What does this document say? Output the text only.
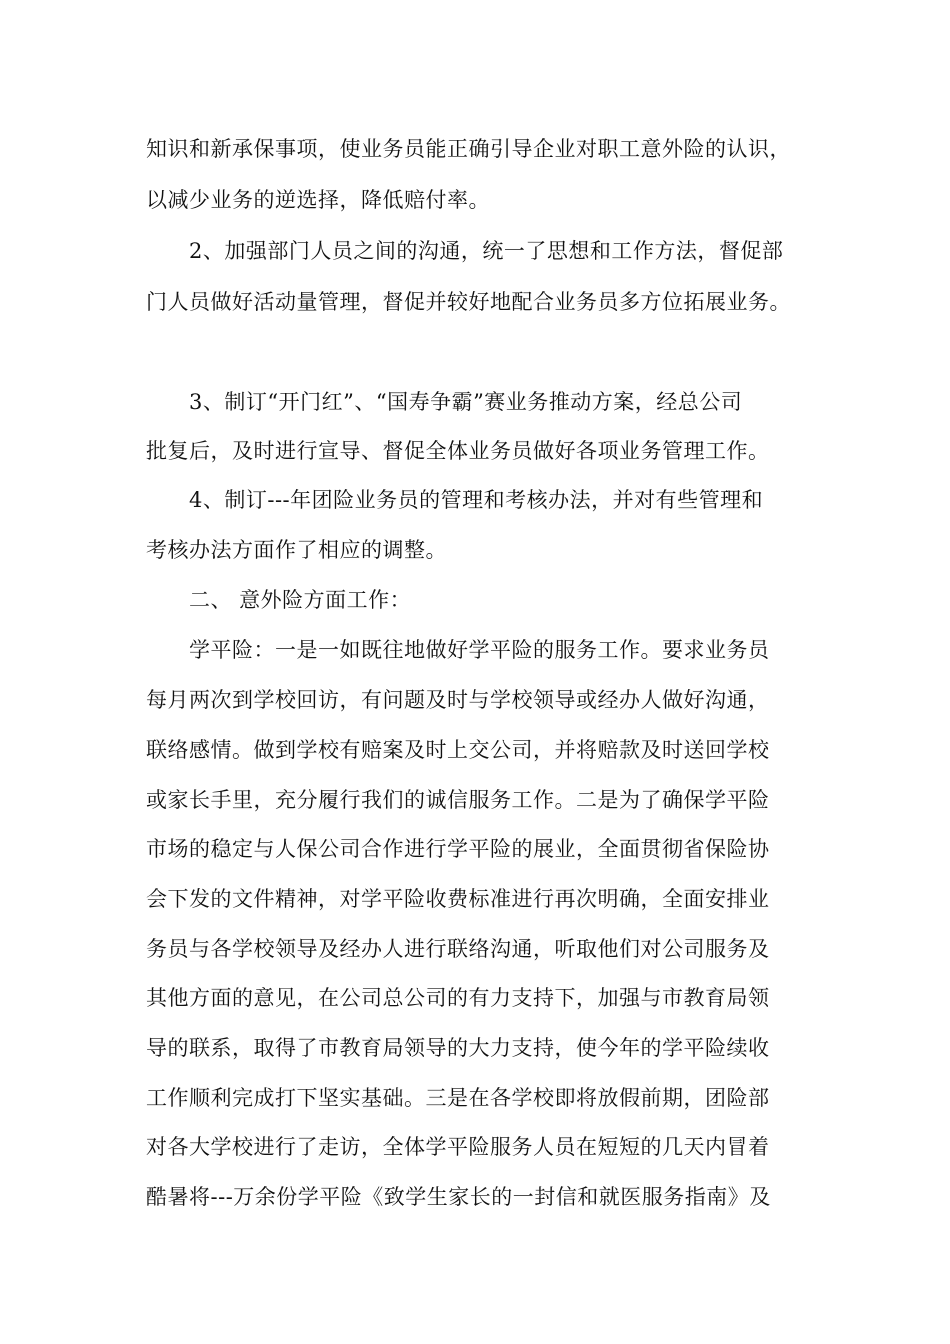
知识和新承保事项，使业务员能正确引导企业对职工意外险的认识，
以减少业务的逆选择，降低赔付率。
2、加强部门人员之间的沟通，统一了思想和工作方法，督促部
门人员做好活动量管理，督促并较好地配合业务员多方位拓展业务。
3、制订“开门红”、“国寿争霸”赛业务推动方案，经总公司
批复后，及时进行宣导、督促全体业务员做好各项业务管理工作。
4、制订---年团险业务员的管理和考核办法，并对有些管理和
考核办法方面作了相应的调整。
二、 意外险方面工作：
学平险：一是一如既往地做好学平险的服务工作。要求业务员
每月两次到学校回访，有问题及时与学校领导或经办人做好沟通，
联络感情。做到学校有赔案及时上交公司，并将赔款及时送回学校
或家长手里，充分履行我们的诚信服务工作。二是为了确保学平险
市场的稳定与人保公司合作进行学平险的展业，全面贯彻省保险协
会下发的文件精神，对学平险收费标准进行再次明确，全面安排业
务员与各学校领导及经办人进行联络沟通，听取他们对公司服务及
其他方面的意见，在公司总公司的有力支持下，加强与市教育局领
导的联系，取得了市教育局领导的大力支持，使今年的学平险续收
工作顺利完成打下坚实基础。三是在各学校即将放假前期，团险部
对各大学校进行了走访，全体学平险服务人员在短短的几天内冒着
酷暑将---万余份学平险《致学生家长的一封信和就医服务指南》及
